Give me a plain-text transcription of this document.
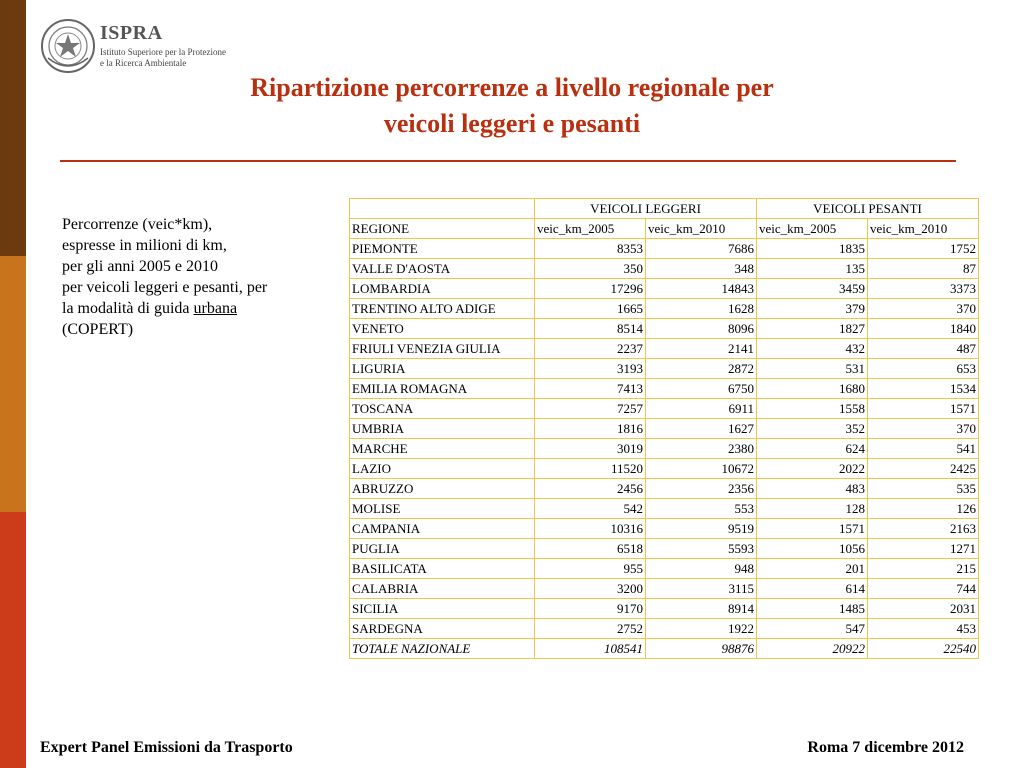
ISPRA
Istituto Superiore per la Protezione
e la Ricerca Ambientale
Ripartizione percorrenze a livello regionale per
veicoli leggeri e pesanti
Percorrenze (veic*km),
espresse in milioni di km,
per gli anni 2005 e 2010
per veicoli leggeri e pesanti, per
la modalità di guida urbana
(COPERT)
	VEICOLI LEGGERI		VEICOLI PESANTI	
REGIONE	veic_km_2005	veic_km_2010	veic_km_2005	veic_km_2010
PIEMONTE	8353	7686	1835	1752
VALLE D'AOSTA	350	348	135	87
LOMBARDIA	17296	14843	3459	3373
TRENTINO ALTO ADIGE	1665	1628	379	370
VENETO	8514	8096	1827	1840
FRIULI VENEZIA GIULIA	2237	2141	432	487
LIGURIA	3193	2872	531	653
EMILIA ROMAGNA	7413	6750	1680	1534
TOSCANA	7257	6911	1558	1571
UMBRIA	1816	1627	352	370
MARCHE	3019	2380	624	541
LAZIO	11520	10672	2022	2425
ABRUZZO	2456	2356	483	535
MOLISE	542	553	128	126
CAMPANIA	10316	9519	1571	2163
PUGLIA	6518	5593	1056	1271
BASILICATA	955	948	201	215
CALABRIA	3200	3115	614	744
SICILIA	9170	8914	1485	2031
SARDEGNA	2752	1922	547	453
TOTALE NAZIONALE	108541	98876	20922	22540
Expert Panel Emissioni da Trasporto	Roma 7 dicembre 2012
